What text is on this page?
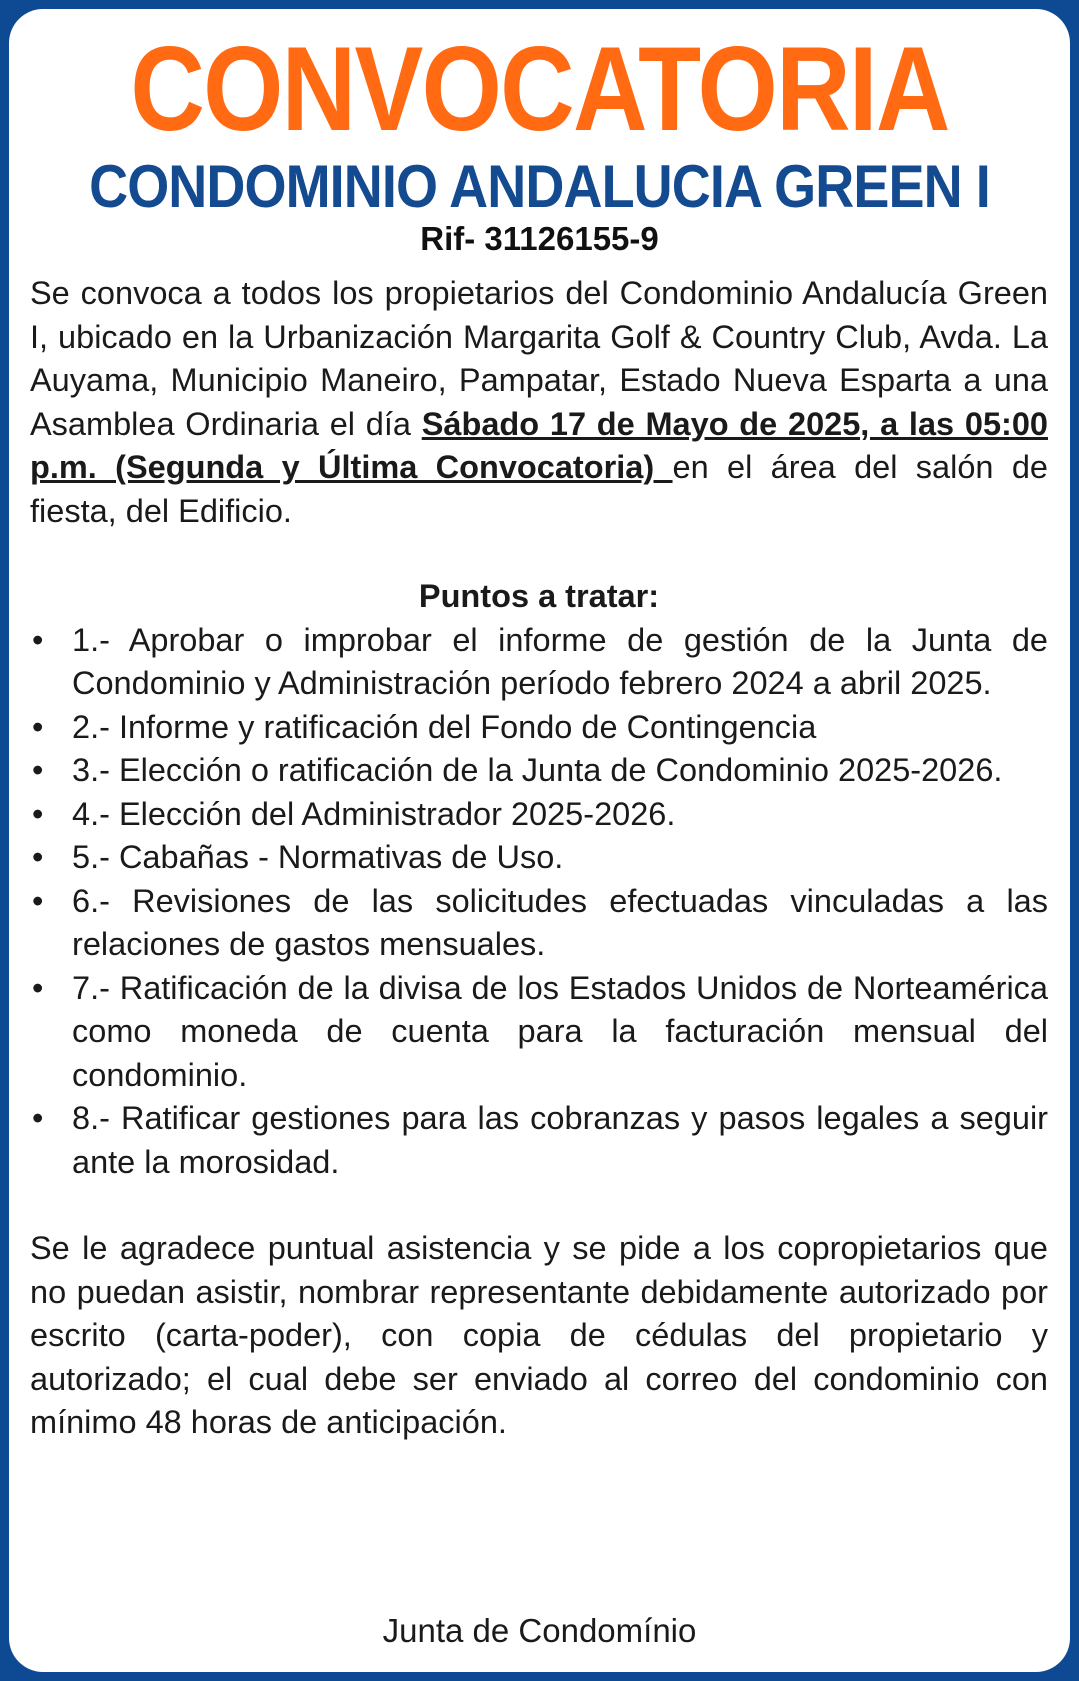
CONVOCATORIA
CONDOMINIO ANDALUCIA GREEN I
Rif- 31126155-9

Se convoca a todos los propietarios del Condominio Andalucía Green I, ubicado en la Urbanización Margarita Golf & Country Club, Avda. La Auyama, Municipio Maneiro, Pampatar, Estado Nueva Esparta a una Asamblea Ordinaria el día Sábado 17 de Mayo de 2025, a las 05:00 p.m. (Segunda y Última Convocatoria) en el área del salón de fiesta, del Edificio.

Puntos a tratar:

• 1.- Aprobar o improbar el informe de gestión de la Junta de Condominio y Administración período febrero 2024 a abril 2025.
• 2.- Informe y ratificación del Fondo de Contingencia
• 3.- Elección o ratificación de la Junta de Condominio 2025-2026.
• 4.- Elección del Administrador 2025-2026.
• 5.- Cabañas - Normativas de Uso.
• 6.- Revisiones de las solicitudes efectuadas vinculadas a las relaciones de gastos mensuales.
• 7.- Ratificación de la divisa de los Estados Unidos de Norteamérica como moneda de cuenta para la facturación mensual del condominio.
• 8.- Ratificar gestiones para las cobranzas y pasos legales a seguir ante la morosidad.

Se le agradece puntual asistencia y se pide a los copropietarios que no puedan asistir, nombrar representante debidamente autorizado por escrito (carta-poder), con copia de cédulas del propietario y autorizado; el cual debe ser enviado al correo del condominio con mínimo 48 horas de anticipación.

Junta de Condomínio
